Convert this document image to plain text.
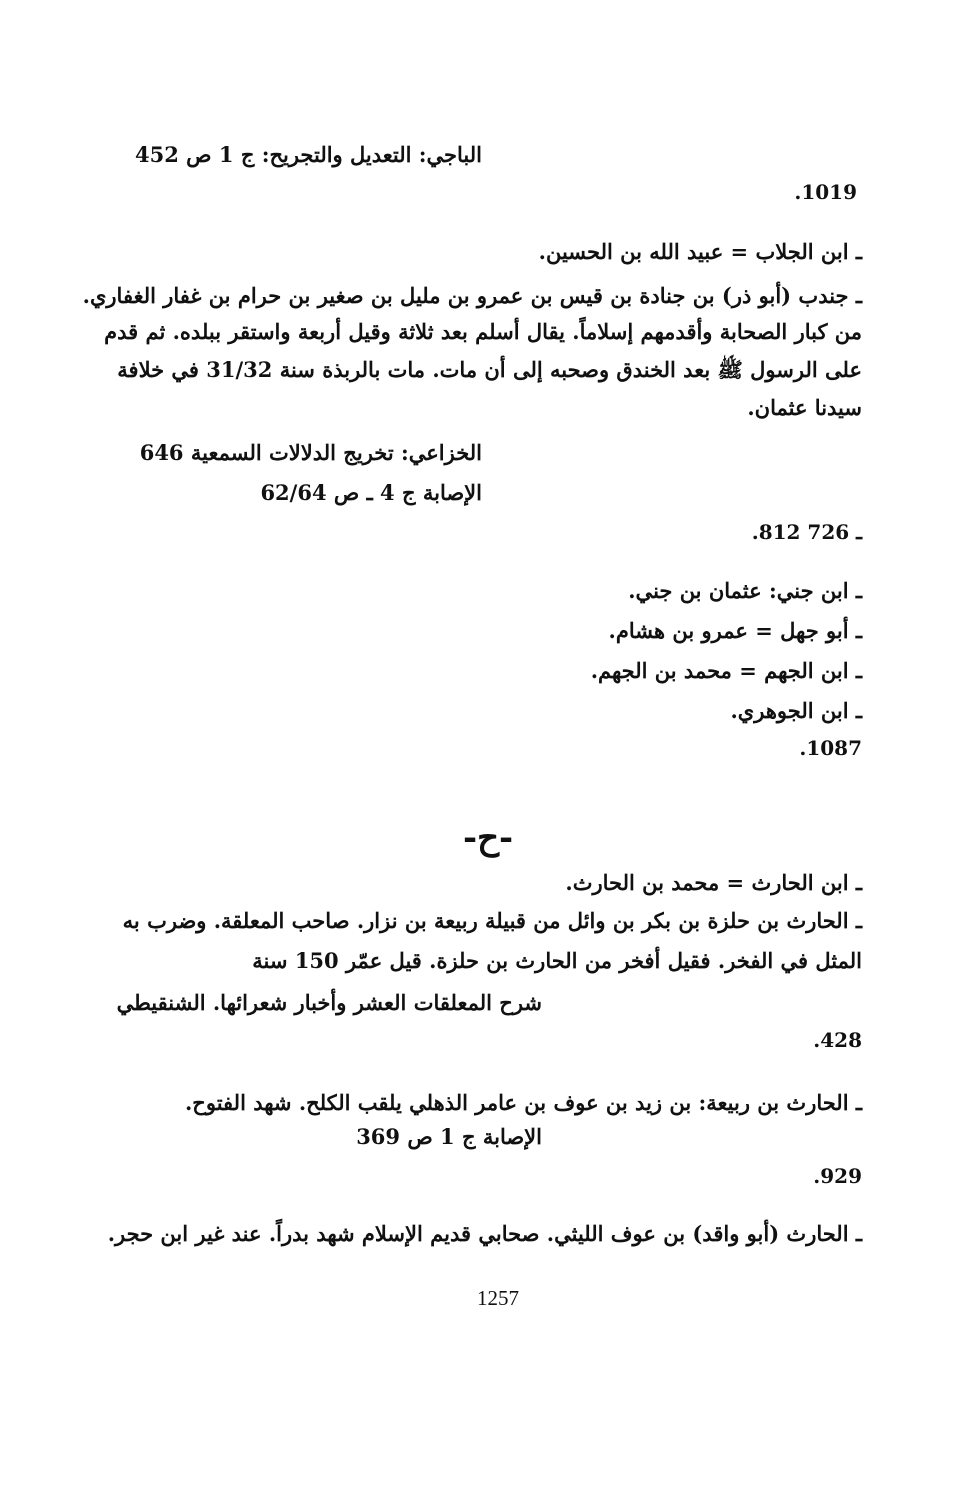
الباجي: التعديل والتجريح: ج 1 ص 452
.1019
ـ ابن الجلاب = عبيد الله بن الحسين.
ـ جندب (أبو ذر) بن جنادة بن قيس بن عمرو بن مليل بن صغير بن حرام بن غفار الغفاري.
من كبار الصحابة وأقدمهم إسلاماً. يقال أسلم بعد ثلاثة وقيل أربعة واستقر ببلده. ثم قدم
على الرسول ﷺ بعد الخندق وصحبه إلى أن مات. مات بالربذة سنة 31/32 في خلافة
سيدنا عثمان.
الخزاعي: تخريج الدلالات السمعية 646
الإصابة ج 4 ـ ص 62/64
.812 ـ 726
ـ ابن جني: عثمان بن جني.
ـ أبو جهل = عمرو بن هشام.
ـ ابن الجهم = محمد بن الجهم.
ـ ابن الجوهري.
.1087
-ح-
ـ ابن الحارث = محمد بن الحارث.
ـ الحارث بن حلزة بن بكر بن وائل من قبيلة ربيعة بن نزار. صاحب المعلقة. وضرب به
المثل في الفخر. فقيل أفخر من الحارث بن حلزة. قيل عمّر 150 سنة
شرح المعلقات العشر وأخبار شعرائها. الشنقيطي
.428
ـ الحارث بن ربيعة: بن زيد بن عوف بن عامر الذهلي يلقب الكلح. شهد الفتوح.
الإصابة ج 1 ص 369
.929
ـ الحارث (أبو واقد) بن عوف الليثي. صحابي قديم الإسلام شهد بدراً. عند غير ابن حجر.
1257
